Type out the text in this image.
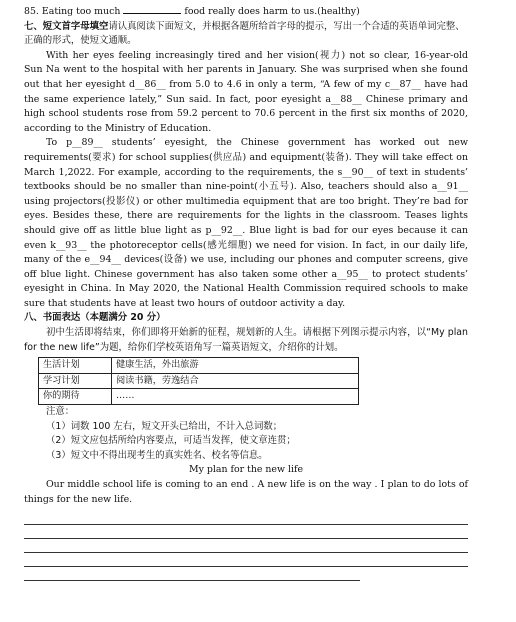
85. Eating too much	food really does harm to us.(healthy)
七、短文首字母填空请认真阅读下面短文，并根据各题所给首字母的提示，写出一个合适的英语单词完整、正确的形式，使短文通顺。
With her eyes feeling increasingly tired and her vision(视力) not so clear, 16-year-old Sun Na went to the hospital with her parents in January. She was surprised when she found out that her eyesight d__86__ from 5.0 to 4.6 in only a term, “A few of my c__87__ have had the same experience lately,” Sun said. In fact, poor eyesight a__88__ Chinese primary and high school students rose from 59.2 percent to 70.6 percent in the first six months of 2020, according to the Ministry of Education.
To p__89__ students’ eyesight, the Chinese government has worked out new requirements(要求) for school supplies(供应品) and equipment(装备). They will take effect on March 1,2022. For example, according to the requirements, the s__90__ of text in students’ textbooks should be no smaller than nine-point(小五号). Also, teachers should also a__91__ using projectors(投影仪) or other multimedia equipment that are too bright. They’re bad for eyes. Besides these, there are requirements for the lights in the classroom. Teases lights should give off as little blue light as p__92__. Blue light is bad for our eyes because it can even k__93__ the photoreceptor cells(感光细胞) we need for vision. In fact, in our daily life, many of the e__94__ devices(设备) we use, including our phones and computer screens, give off blue light. Chinese government has also taken some other a__95__ to protect students’ eyesight in China. In May 2020, the National Health Commission required schools to make sure that students have at least two hours of outdoor activity a day.
八、书面表达（本题满分 20 分）
初中生活即将结束，你们即将开始新的征程，规划新的人生。请根据下列图示提示内容，以“My plan for the new life”为题，给你们学校英语角写一篇英语短文，介绍你的计划。
生活计划	健康生活，外出旅游
学习计划	阅读书籍，劳逸结合
你的期待	……
注意：
（1）词数 100 左右，短文开头已给出，不计入总词数；
（2）短文应包括所给内容要点，可适当发挥，使文章连贯；
（3）短文中不得出现考生的真实姓名、校名等信息。
My plan for the new life
Our middle school life is coming to an end . A new life is on the way . I plan to do lots of things for the new life.
